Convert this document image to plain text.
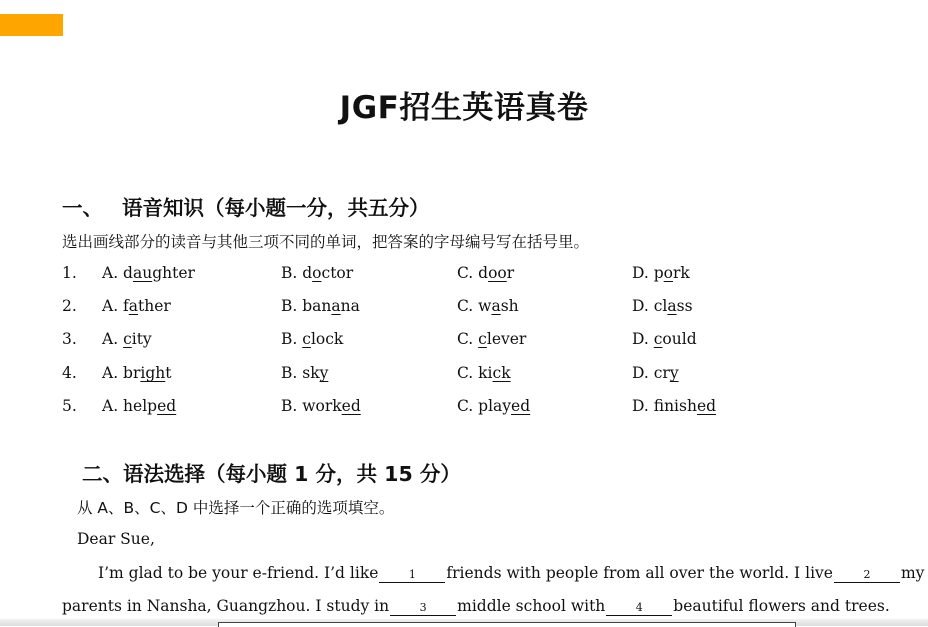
JGF招生英语真卷
一、 语音知识（每小题一分，共五分）
选出画线部分的读音与其他三项不同的单词，把答案的字母编号写在括号里。
1. A. daughter	B. doctor	C. door	D. pork
2. A. father	B. banana	C. wash	D. class
3. A. city	B. clock	C. clever	D. could
4. A. bright	B. sky	C. kick	D. cry
5. A. helped	B. worked	C. played	D. finished
二、语法选择（每小题 1 分，共 15 分）
从 A、B、C、D 中选择一个正确的选项填空。
Dear Sue,
I’m glad to be your e-friend. I’d like	1 friends with people from all over the world. I live	2 my
parents in Nansha, Guangzhou. I study in	3 middle school with	4 beautiful flowers and trees.
